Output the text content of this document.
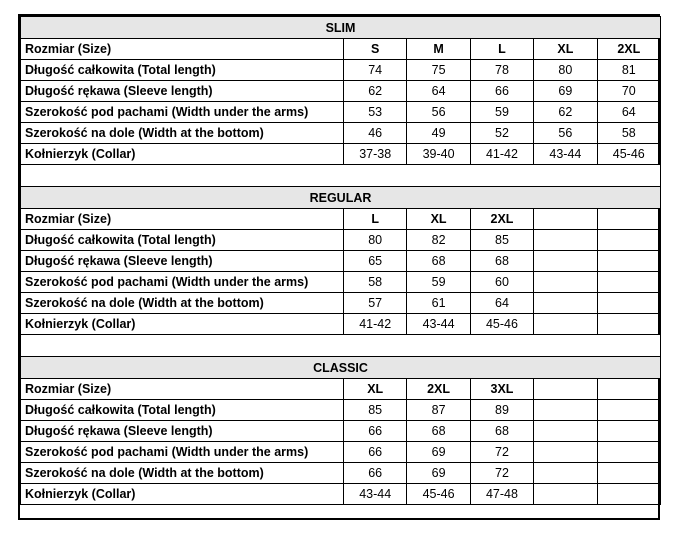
SLIM					
Rozmiar (Size)	S	M	L	XL	2XL
Długość całkowita (Total length)	74	75	78	80	81
Długość rękawa (Sleeve length)	62	64	66	69	70
Szerokość pod pachami (Width under the arms)	53	56	59	62	64
Szerokość na dole (Width at the bottom)	46	49	52	56	58
Kołnierzyk (Collar)	37-38	39-40	41-42	43-44	45-46

REGULAR					
Rozmiar (Size)	L	XL	2XL		
Długość całkowita (Total length)	80	82	85		
Długość rękawa (Sleeve length)	65	68	68		
Szerokość pod pachami (Width under the arms)	58	59	60		
Szerokość na dole (Width at the bottom)	57	61	64		
Kołnierzyk (Collar)	41-42	43-44	45-46		

CLASSIC					
Rozmiar (Size)	XL	2XL	3XL		
Długość całkowita (Total length)	85	87	89		
Długość rękawa (Sleeve length)	66	68	68		
Szerokość pod pachami (Width under the arms)	66	69	72		
Szerokość na dole (Width at the bottom)	66	69	72		
Kołnierzyk (Collar)	43-44	45-46	47-48		
